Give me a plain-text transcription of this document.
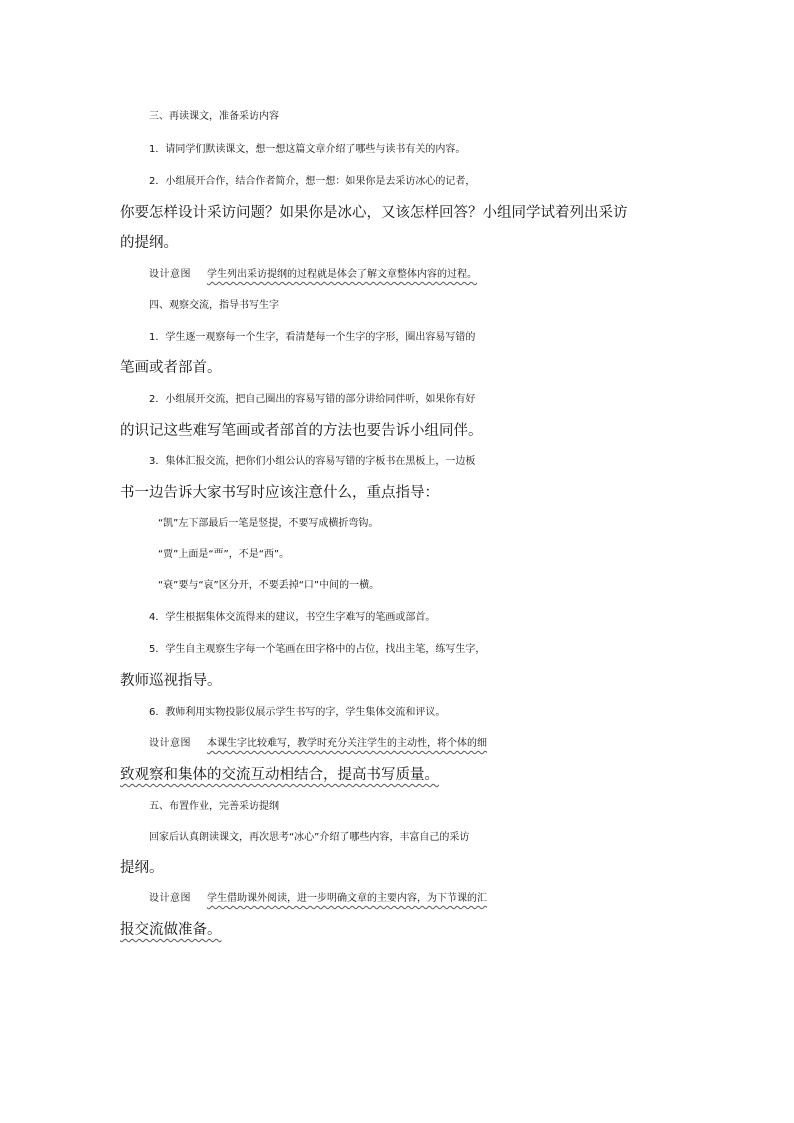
三、再读课文，准备采访内容
1．请同学们默读课文，想一想这篇文章介绍了哪些与读书有关的内容。
2．小组展开合作，结合作者简介，想一想：如果你是去采访冰心的记者，
你要怎样设计采访问题？如果你是冰心，又该怎样回答？小组同学试着列出采访
的提纲。
设计意图 学生列出采访提纲的过程就是体会了解文章整体内容的过程。
四、观察交流，指导书写生字
1．学生逐一观察每一个生字，看清楚每一个生字的字形，圈出容易写错的
笔画或者部首。
2．小组展开交流，把自己圈出的容易写错的部分讲给同伴听，如果你有好
的识记这些难写笔画或者部首的方法也要告诉小组同伴。
3．集体汇报交流，把你们小组公认的容易写错的字板书在黑板上，一边板
书一边告诉大家书写时应该注意什么，重点指导：
“凯”左下部最后一笔是竖提，不要写成横折弯钩。
“贾”上面是“覀”，不是“西”。
“衰”要与“哀”区分开，不要丢掉“口”中间的一横。
4．学生根据集体交流得来的建议，书空生字难写的笔画或部首。
5．学生自主观察生字每一个笔画在田字格中的占位，找出主笔，练写生字，
教师巡视指导。
6．教师利用实物投影仪展示学生书写的字，学生集体交流和评议。
设计意图 本课生字比较难写，教学时充分关注学生的主动性，将个体的细
致观察和集体的交流互动相结合，提高书写质量。
五、布置作业，完善采访提纲
回家后认真朗读课文，再次思考“冰心”介绍了哪些内容，丰富自己的采访
提纲。
设计意图 学生借助课外阅读，进一步明确文章的主要内容，为下节课的汇
报交流做准备。
